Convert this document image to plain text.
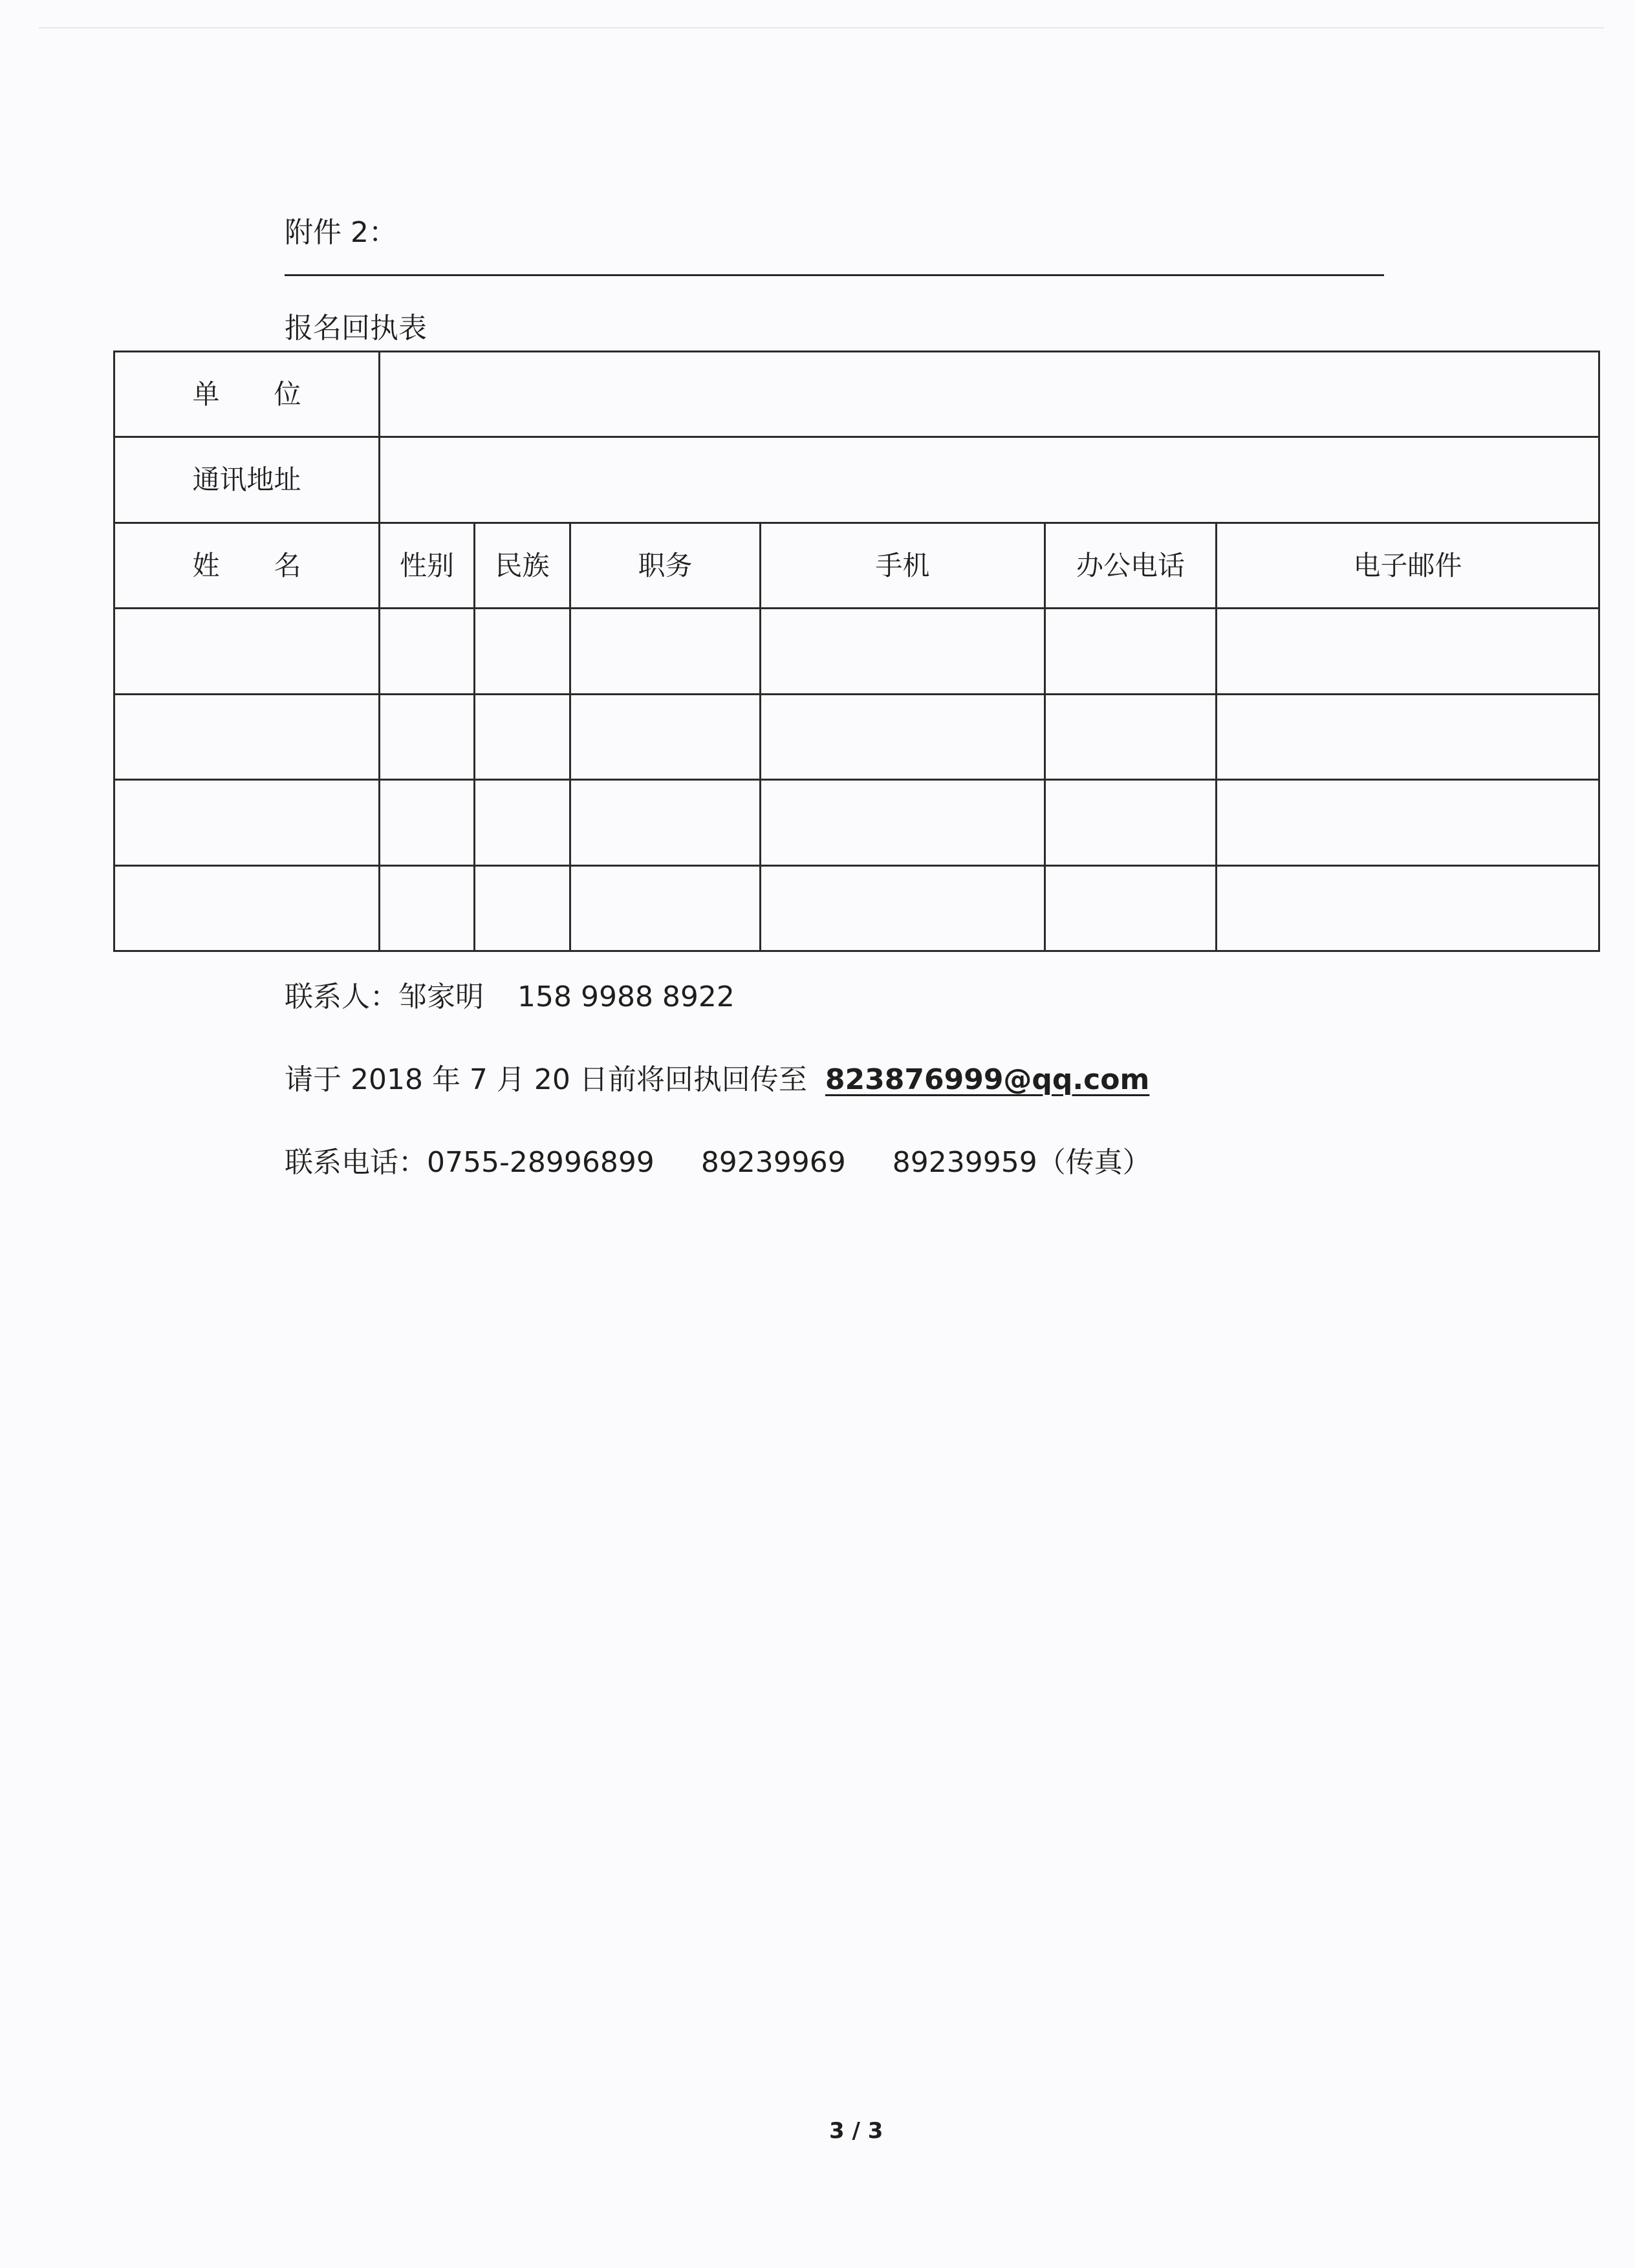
附件 2：
报名回执表
单　　位						
通讯地址						
姓　　名	性别	民族	职务	手机	办公电话	电子邮件

联系人：邹家明 158 9988 8922
请于 2018 年 7 月 20 日前将回执回传至 823876999@qq.com
联系电话：0755-28996899 89239969 89239959（传真）
3 / 3
